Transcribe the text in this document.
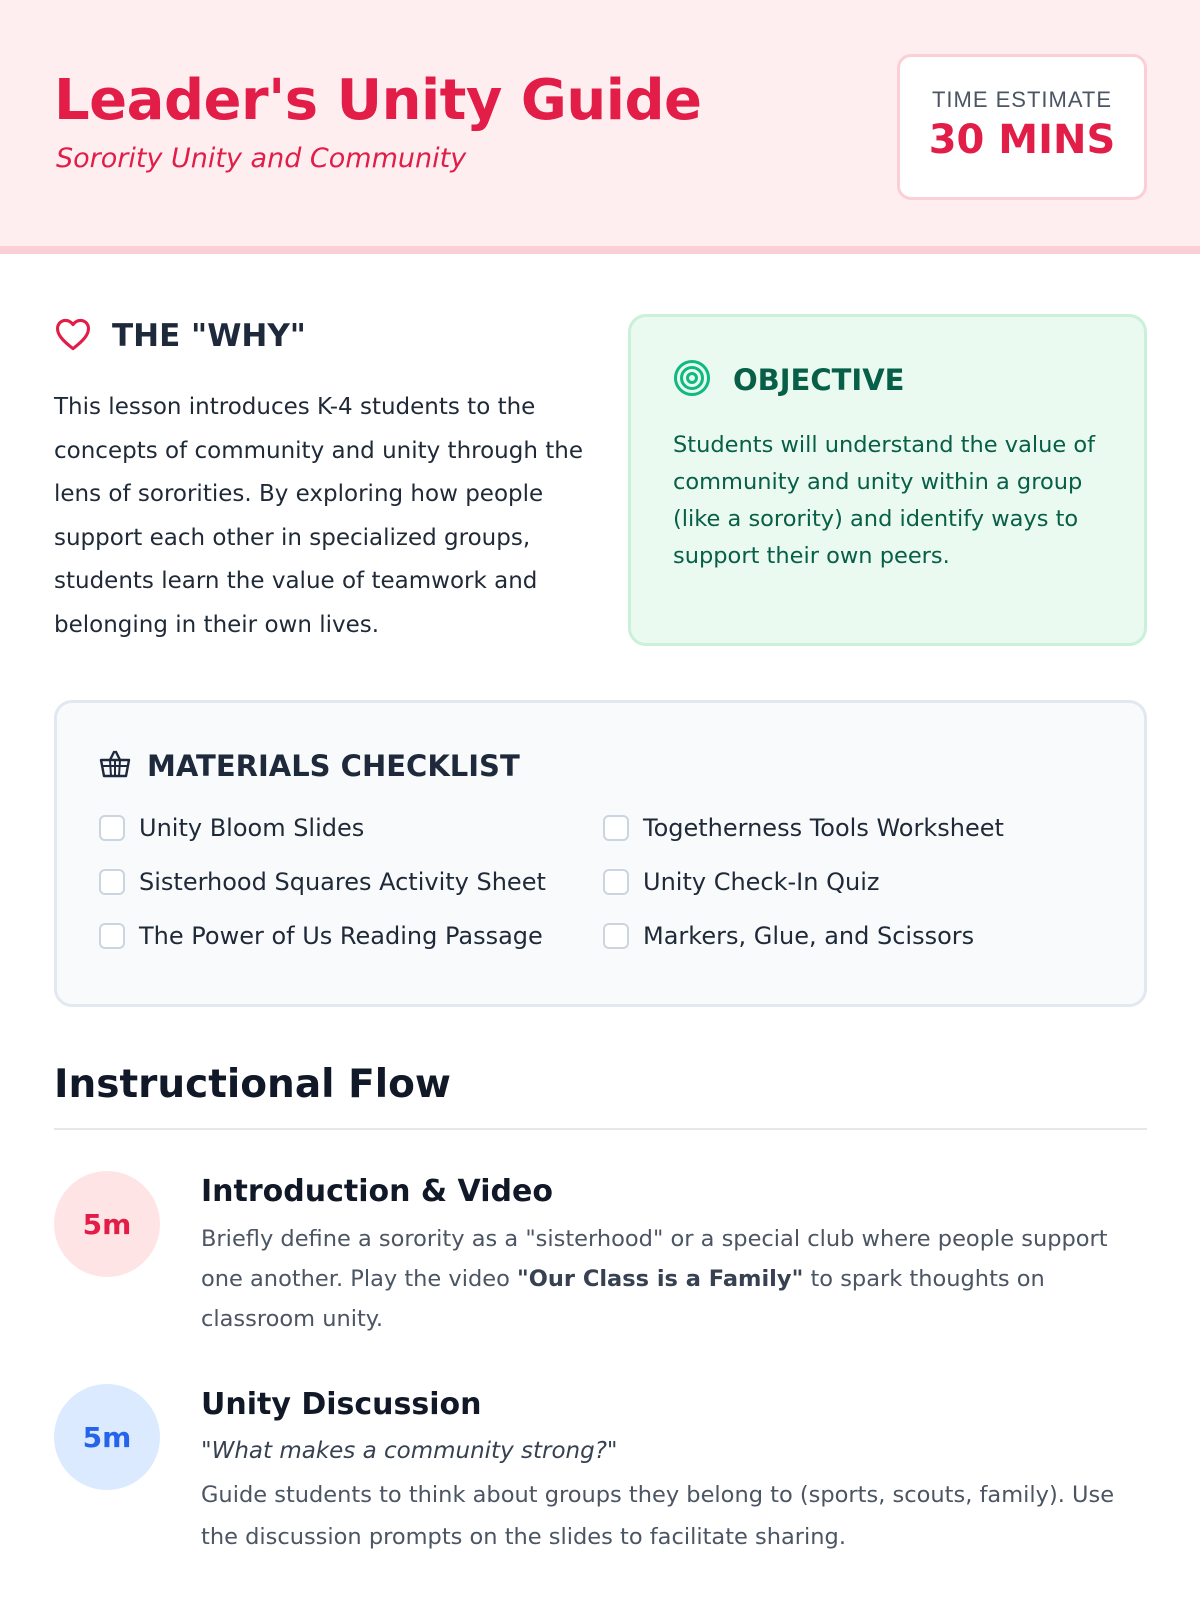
Leader's Unity Guide
Sorority Unity and Community
TIME ESTIMATE
30 MINS
THE "WHY"
This lesson introduces K-4 students to the concepts of community and unity through the lens of sororities. By exploring how people support each other in specialized groups, students learn the value of teamwork and belonging in their own lives.
OBJECTIVE
Students will understand the value of community and unity within a group (like a sorority) and identify ways to support their own peers.
MATERIALS CHECKLIST
Unity Bloom Slides	Togetherness Tools Worksheet
Sisterhood Squares Activity Sheet	Unity Check-In Quiz
The Power of Us Reading Passage	Markers, Glue, and Scissors
Instructional Flow
5m
Introduction & Video
Briefly define a sorority as a "sisterhood" or a special club where people support one another. Play the video "Our Class is a Family" to spark thoughts on classroom unity.
5m
Unity Discussion
"What makes a community strong?"
Guide students to think about groups they belong to (sports, scouts, family). Use the discussion prompts on the slides to facilitate sharing.
